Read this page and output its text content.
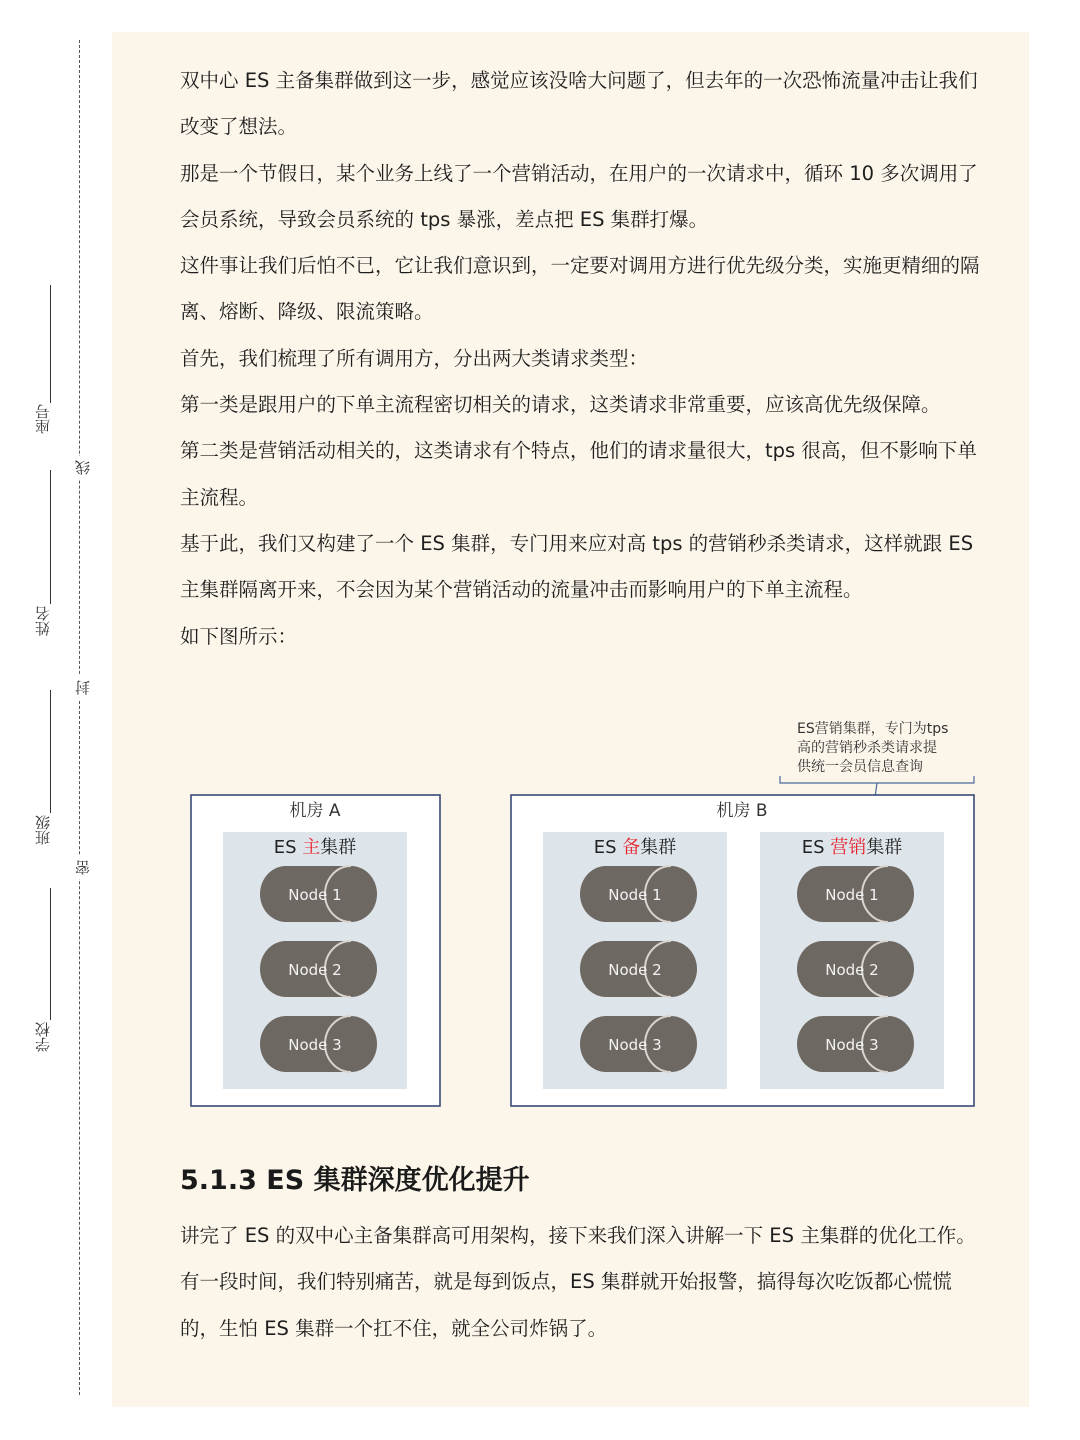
座号
姓名
班级
学校
线
封
密

双中心 ES 主备集群做到这一步，感觉应该没啥大问题了，但去年的一次恐怖流量冲击让我们改变了想法。

那是一个节假日，某个业务上线了一个营销活动，在用户的一次请求中，循环 10 多次调用了会员系统，导致会员系统的 tps 暴涨，差点把 ES 集群打爆。

这件事让我们后怕不已，它让我们意识到，一定要对调用方进行优先级分类，实施更精细的隔离、熔断、降级、限流策略。

首先，我们梳理了所有调用方，分出两大类请求类型：

第一类是跟用户的下单主流程密切相关的请求，这类请求非常重要，应该高优先级保障。

第二类是营销活动相关的，这类请求有个特点，他们的请求量很大，tps 很高，但不影响下单主流程。

基于此，我们又构建了一个 ES 集群，专门用来应对高 tps 的营销秒杀类请求，这样就跟 ES 主集群隔离开来，不会因为某个营销活动的流量冲击而影响用户的下单主流程。

如下图所示：

ES营销集群，专门为tps
高的营销秒杀类请求提
供统一会员信息查询
机房 A
ES 主集群
机房 B
ES 备集群	ES 营销集群
Node 1
Node 2
Node 3
Node 1
Node 2
Node 3
Node 1
Node 2
Node 3
5.1.3 ES 集群深度优化提升

讲完了 ES 的双中心主备集群高可用架构，接下来我们深入讲解一下 ES 主集群的优化工作。

有一段时间，我们特别痛苦，就是每到饭点，ES 集群就开始报警，搞得每次吃饭都心慌慌的，生怕 ES 集群一个扛不住，就全公司炸锅了。
